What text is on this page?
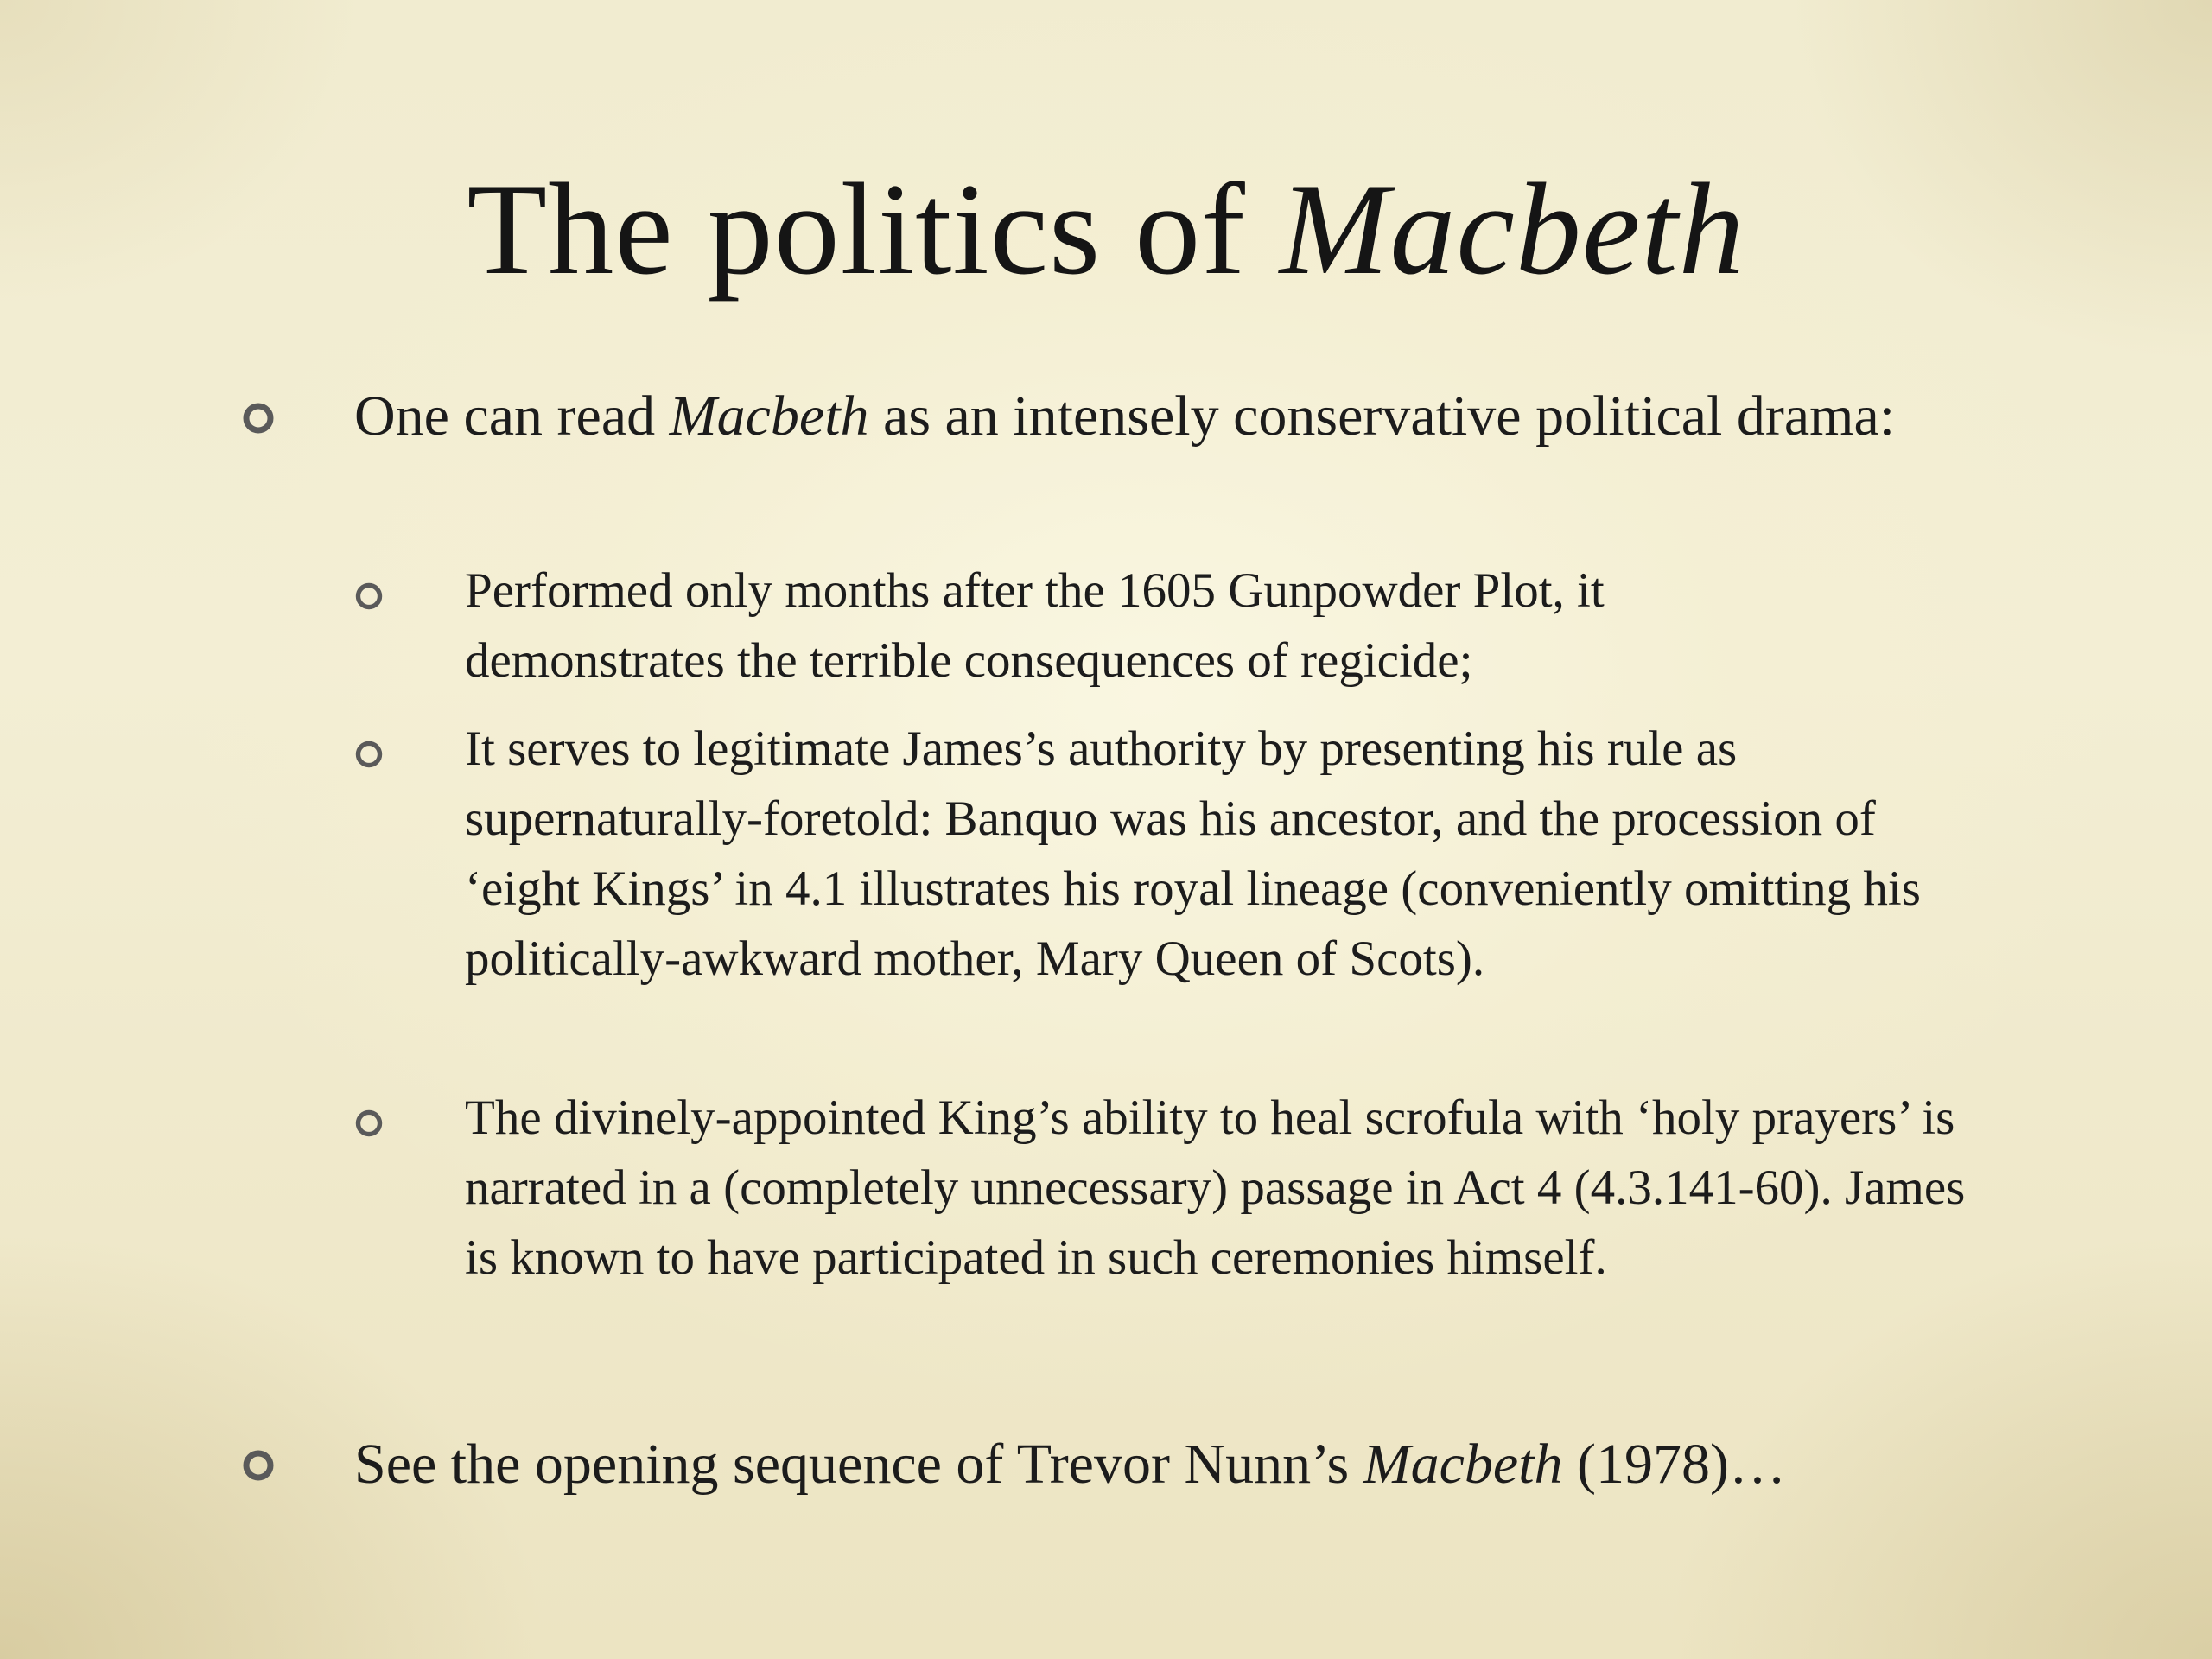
The politics of Macbeth
One can read Macbeth as an intensely conservative political drama:
Performed only months after the 1605 Gunpowder Plot, it demonstrates the terrible consequences of regicide;
It serves to legitimate James’s authority by presenting his rule as supernaturally-foretold: Banquo was his ancestor, and the procession of ‘eight Kings’ in 4.1 illustrates his royal lineage (conveniently omitting his politically-awkward mother, Mary Queen of Scots).
The divinely-appointed King’s ability to heal scrofula with ‘holy prayers’ is narrated in a (completely unnecessary) passage in Act 4 (4.3.141-60). James is known to have participated in such ceremonies himself.
See the opening sequence of Trevor Nunn’s Macbeth (1978)…
